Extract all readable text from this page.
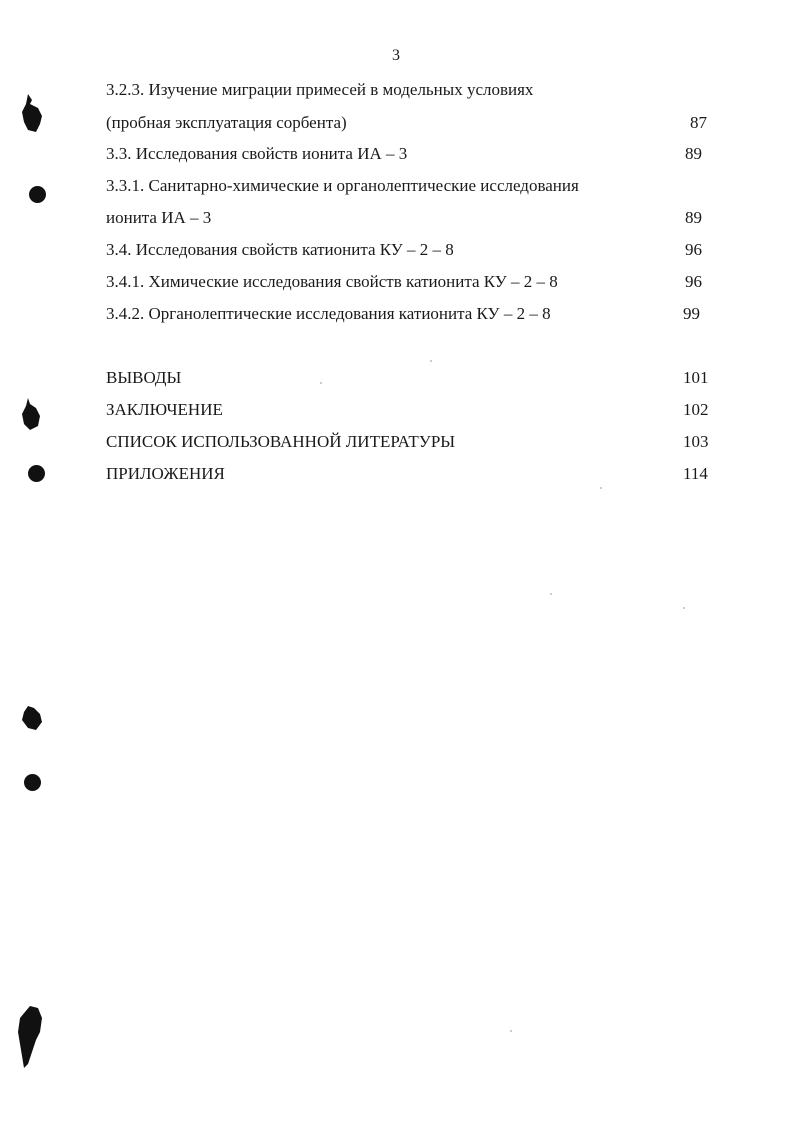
3
3.2.3. Изучение миграции примесей в модельных условиях
(пробная эксплуатация сорбента)	87
3.3. Исследования свойств ионита ИА – 3	89
3.3.1. Санитарно-химические и органолептические исследования
ионита ИА – 3	89
3.4. Исследования свойств катионита КУ – 2 – 8	96
3.4.1. Химические исследования свойств катионита КУ – 2 – 8	96
3.4.2. Органолептические исследования катионита КУ – 2 – 8	99
ВЫВОДЫ	101
ЗАКЛЮЧЕНИЕ	102
СПИСОК ИСПОЛЬЗОВАННОЙ ЛИТЕРАТУРЫ	103
ПРИЛОЖЕНИЯ	114
